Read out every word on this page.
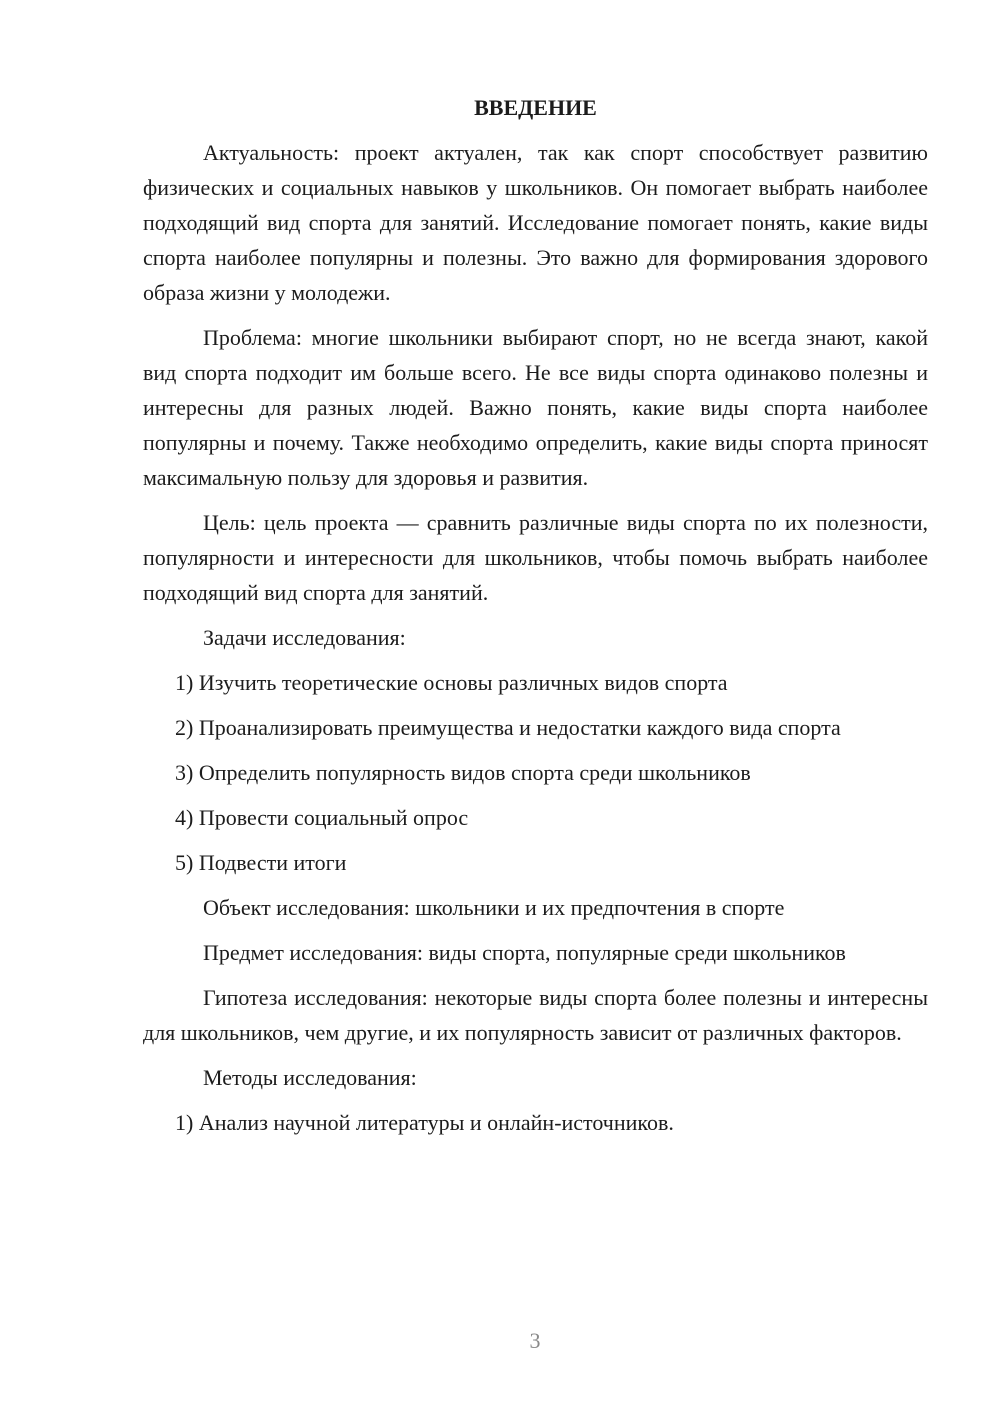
ВВЕДЕНИЕ

Актуальность: проект актуален, так как спорт способствует развитию физических и социальных навыков у школьников. Он помогает выбрать наиболее подходящий вид спорта для занятий. Исследование помогает понять, какие виды спорта наиболее популярны и полезны. Это важно для формирования здорового образа жизни у молодежи.

Проблема: многие школьники выбирают спорт, но не всегда знают, какой вид спорта подходит им больше всего. Не все виды спорта одинаково полезны и интересны для разных людей. Важно понять, какие виды спорта наиболее популярны и почему. Также необходимо определить, какие виды спорта приносят максимальную пользу для здоровья и развития.

Цель: цель проекта — сравнить различные виды спорта по их полезности, популярности и интересности для школьников, чтобы помочь выбрать наиболее подходящий вид спорта для занятий.

Задачи исследования:

1) Изучить теоретические основы различных видов спорта

2) Проанализировать преимущества и недостатки каждого вида спорта

3) Определить популярность видов спорта среди школьников

4) Провести социальный опрос

5) Подвести итоги

Объект исследования: школьники и их предпочтения в спорте

Предмет исследования: виды спорта, популярные среди школьников

Гипотеза исследования: некоторые виды спорта более полезны и интересны для школьников, чем другие, и их популярность зависит от различных факторов.

Методы исследования:

1) Анализ научной литературы и онлайн-источников.

3
